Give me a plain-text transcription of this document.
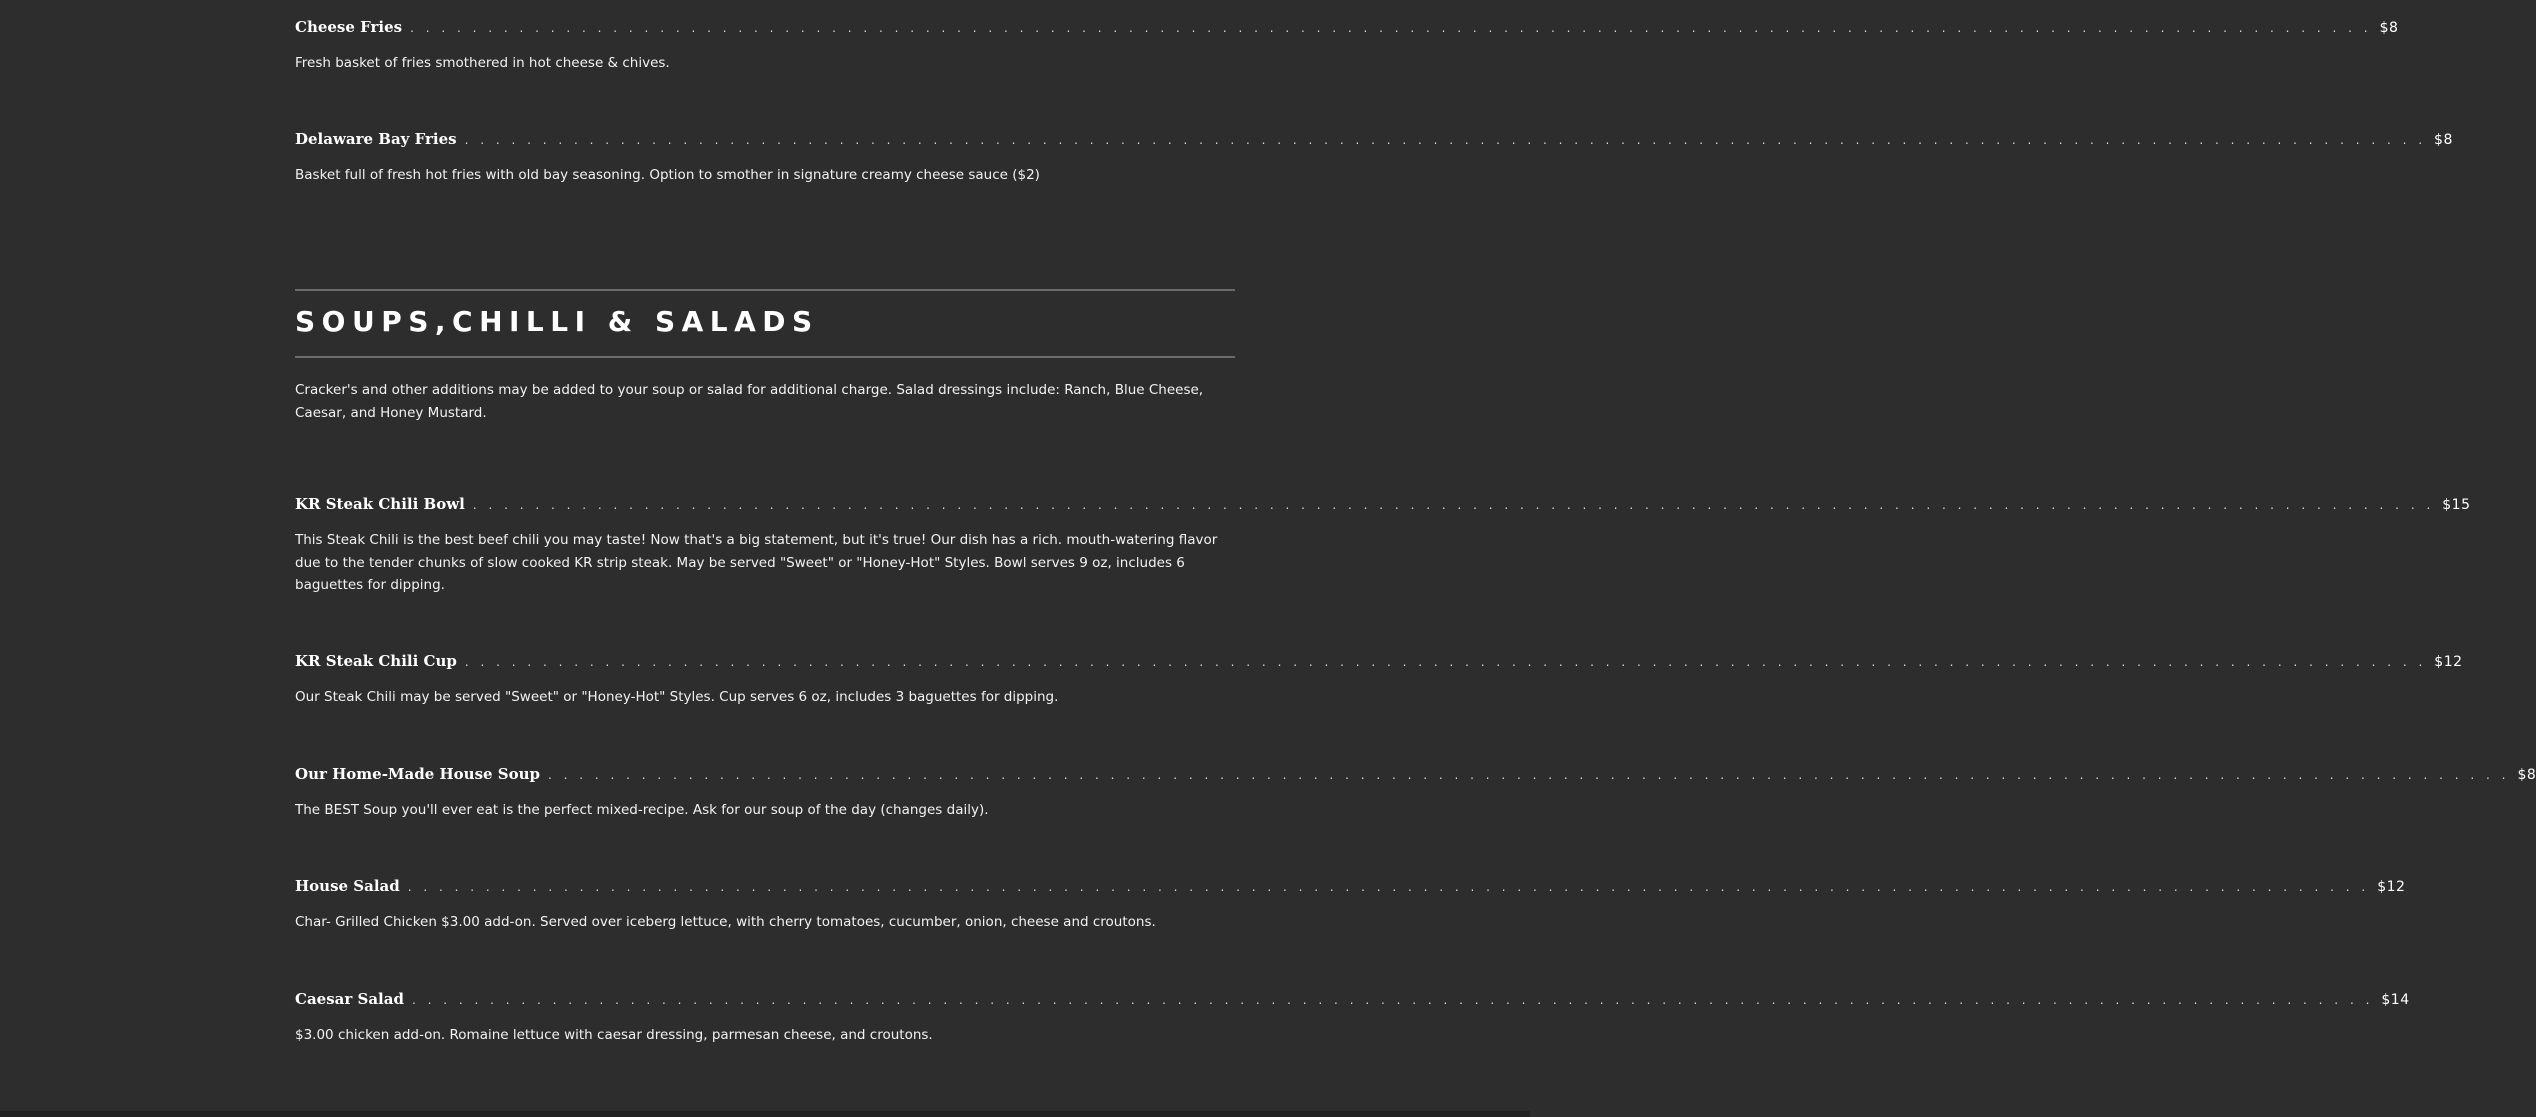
Cheese Fries . . . . . . . . . . . . . . . . . . . . . . . . . . . . . . . . . . . . . . . . . . . . . . . . . . . . . . . . . . . . . . . . . . . . . . . . . . . . . . . . . . . . . . . . . . . . . . . . . . . . . . . . . . . . . . . . . . . . . . . . . . . . . . $8
Fresh basket of fries smothered in hot cheese & chives.
Delaware Bay Fries . . . . . . . . . . . . . . . . . . . . . . . . . . . . . . . . . . . . . . . . . . . . . . . . . . . . . . . . . . . . . . . . . . . . . . . . . . . . . . . . . . . . . . . . . . . . . . . . . . . . . . . . . . . . . . . . . . . . . . . . . . . . . . $8
Basket full of fresh hot fries with old bay seasoning. Option to smother in signature creamy cheese sauce ($2)
SOUPS,CHILLI & SALADS
Cracker's and other additions may be added to your soup or salad for additional charge. Salad dressings include: Ranch, Blue Cheese, Caesar, and Honey Mustard.
KR Steak Chili Bowl . . . . . . . . . . . . . . . . . . . . . . . . . . . . . . . . . . . . . . . . . . . . . . . . . . . . . . . . . . . . . . . . . . . . . . . . . . . . . . . . . . . . . . . . . . . . . . . . . . . . . . . . . . . . . . . . . . . . . . . . . . . . . . $15
This Steak Chili is the best beef chili you may taste! Now that's a big statement, but it's true! Our dish has a rich. mouth-watering flavor due to the tender chunks of slow cooked KR strip steak. May be served "Sweet" or "Honey-Hot" Styles. Bowl serves 9 oz, includes 6 baguettes for dipping.
KR Steak Chili Cup . . . . . . . . . . . . . . . . . . . . . . . . . . . . . . . . . . . . . . . . . . . . . . . . . . . . . . . . . . . . . . . . . . . . . . . . . . . . . . . . . . . . . . . . . . . . . . . . . . . . . . . . . . . . . . . . . . . . . . . . . . . . . . $12
Our Steak Chili may be served "Sweet" or "Honey-Hot" Styles. Cup serves 6 oz, includes 3 baguettes for dipping.
Our Home-Made House Soup . . . . . . . . . . . . . . . . . . . . . . . . . . . . . . . . . . . . . . . . . . . . . . . . . . . . . . . . . . . . . . . . . . . . . . . . . . . . . . . . . . . . . . . . . . . . . . . . . . . . . . . . . . . . . . . . . . . . . . . . . . . . . . $8
The BEST Soup you'll ever eat is the perfect mixed-recipe. Ask for our soup of the day (changes daily).
House Salad . . . . . . . . . . . . . . . . . . . . . . . . . . . . . . . . . . . . . . . . . . . . . . . . . . . . . . . . . . . . . . . . . . . . . . . . . . . . . . . . . . . . . . . . . . . . . . . . . . . . . . . . . . . . . . . . . . . . . . . . . . . . . . $12
Char- Grilled Chicken $3.00 add-on. Served over iceberg lettuce, with cherry tomatoes, cucumber, onion, cheese and croutons.
Caesar Salad . . . . . . . . . . . . . . . . . . . . . . . . . . . . . . . . . . . . . . . . . . . . . . . . . . . . . . . . . . . . . . . . . . . . . . . . . . . . . . . . . . . . . . . . . . . . . . . . . . . . . . . . . . . . . . . . . . . . . . . . . . . . . . $14
$3.00 chicken add-on. Romaine lettuce with caesar dressing, parmesan cheese, and croutons.
